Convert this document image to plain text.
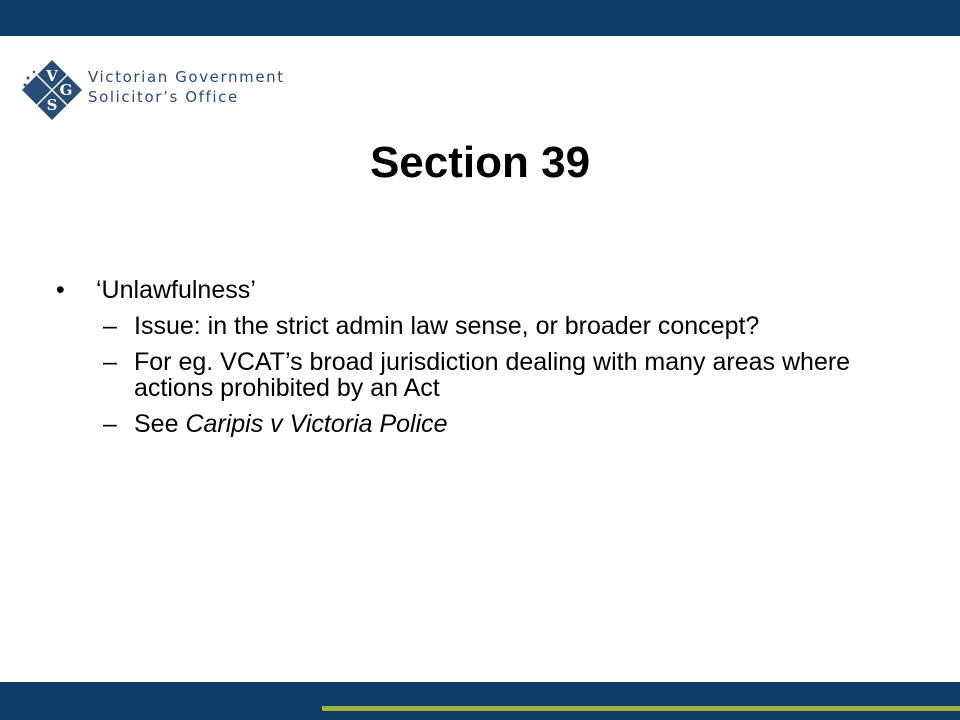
V
G
S
Victorian Government
Solicitor’s Office
Section 39
•	‘Unlawfulness’
– Issue: in the strict admin law sense, or broader concept?
– For eg. VCAT’s broad jurisdiction dealing with many areas where actions prohibited by an Act
– See Caripis v Victoria Police
